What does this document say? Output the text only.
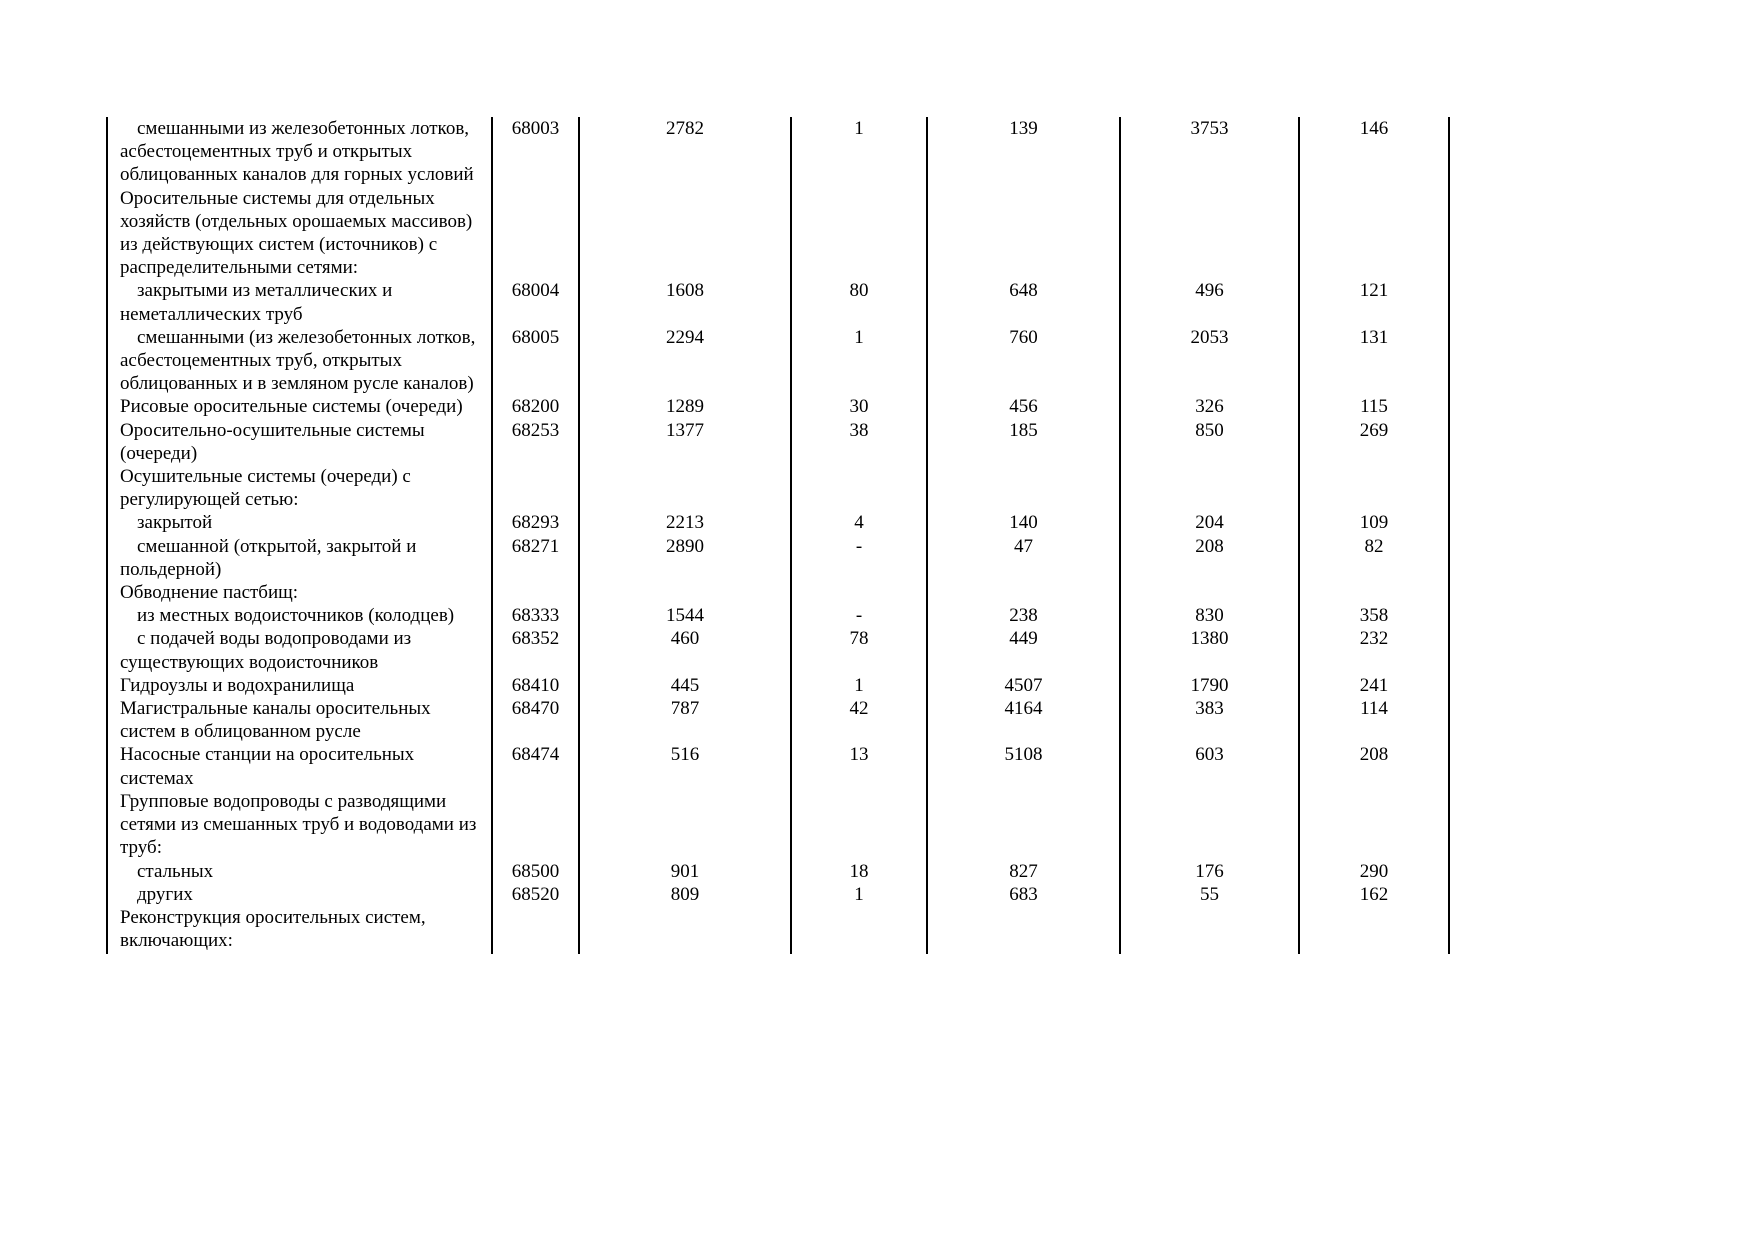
смешанными из железобетонных лотков, асбестоцементных труб и открытых облицованных каналов для горных условий	68003	2782	1	139	3753	146
Оросительные системы для отдельных хозяйств (отдельных орошаемых массивов) из действующих систем (источников) с распределительными сетями:						
закрытыми из металлических и неметаллических труб	68004	1608	80	648	496	121
смешанными (из железобетонных лотков, асбестоцементных труб, открытых облицованных и в земляном русле каналов)	68005	2294	1	760	2053	131
Рисовые оросительные системы (очереди)	68200	1289	30	456	326	115
Оросительно-осушительные системы (очереди)	68253	1377	38	185	850	269
Осушительные системы (очереди) с регулирующей сетью:						
закрытой	68293	2213	4	140	204	109
смешанной (открытой, закрытой и польдерной)	68271	2890	-	47	208	82
Обводнение пастбищ:						
из местных водоисточников (колодцев)	68333	1544	-	238	830	358
с подачей воды водопроводами из существующих водоисточников	68352	460	78	449	1380	232
Гидроузлы и водохранилища	68410	445	1	4507	1790	241
Магистральные каналы оросительных систем в облицованном русле	68470	787	42	4164	383	114
Насосные станции на оросительных системах	68474	516	13	5108	603	208
Групповые водопроводы с разводящими сетями из смешанных труб и водоводами из труб:						
стальных	68500	901	18	827	176	290
других	68520	809	1	683	55	162
Реконструкция оросительных систем, включающих:						
